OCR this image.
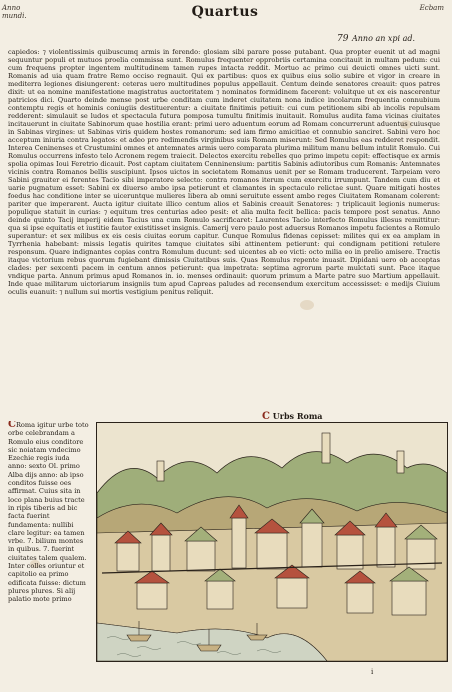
Anno
mundi.	Quartus	Ecbam
79 Anno an xpi ad.

capiedos: ⁊ violentissimis quibuscumq armis in ferendo: glosiam sibi parare posse putabant. Qua propter euenit ut ad magni sequuntur populi et mutuos proelia commissa sunt. Romulus frequenter opprobriis certamina concitauit in multam pedum: cui cum frequens propter ingentem multitudinem tamen rupes intacta reddit. Mortuo ac primo cui deuicti omnes uicti sunt. Romanis ad uia quam fratre Remo occiso regnauit. Qui ex partibus: quos ex quibus eius solio subire et vigor in creare in mediterra legiones disiungerent: ceteras uero multitudines populus appellauit. Centum deinde senatores creauit: quos patres dixit: ut ea nomine manifestatione magistratus auctoritatem ⁊ nominatos formidinem facerent: voluitque ut ex eis nascerentur patricios dici. Quarto deinde mense post urbe conditam cum inderet ciuitatem nona indice incolarum frequentia connubium contemptu regis et hominis coniugiis destituerentur: a ciuitate finitimis petiuit: cui cum petitionem sibi ab incolis repulsam redderent: simulauit se ludos et spectacula futura pomposa tumultu finitimis inuitauit. Romulus audita fama vicinas ciuitates incitauerunt in ciuitate Sabinorum quae hostilia erant: primi uero aduentum eorum ad Romam concurrerunt aduentus cuiusque in Sabinas virgines: ut Sabinas viris quidem hostes romanorum: sed iam firmo amicitiae et connubio sanciret. Sabini vero hoc acceptum iniuria contra legatos: et adeo pro redimendis virginibus suis Romam miserunt: Sed Romulus eas redderet respondit. Interea Ceninenses et Crustumini omnes et antemnates armis uero comparata plurima militum manu bellum intulit Romulo. Cui Romulus occurrens infesto telo Acronem regem traiecit. Delectos exercitu rebelles quo primo impetu cepit: effectisque ex armis spolia opimas Ioui Feretrio dicauit. Post captam ciuitatem Cenninensium: partitis Sabinis adiutoribus cum Romanis: Antemnates vicinis contra Romanos bellis suscipiunt. Ipsos uictos in societatem Romanus uenit per se Romam traducerent. Tarpeiam vero Sabini grauiter ei ferentes Tacio sibi imperatore selecto: contra romanos iterum cum exercitu irrumpunt. Tandem cum diu et uarie pugnatum esset: Sabini ex diuerso ambo ipsa petierunt et clamantes in spectaculo relictae sunt. Quare mitigati hostes foedus hac conditione inter se uiceruntque mulieres libera ab omni seruitute essent ambo reges Ciuitatem Romanam colerent: pariter que imperarent. Aucta igitur ciuitate illico centum alios et Sabinis creauit Senatores: ⁊ triplicauit legionis numerus: populique statuit in curias: ⁊ equitum tres centurias adeo pesit: et alia multa fecit bellica: pacis tempore post senatus. Anno deinde quinto Tacij imperij eidem Tacius una cum Romulo sacrificaret: Laurentes Tacio interfecto Romulus illesus remittitur: qua si ipse equitatis et iustitie fautor existitisset insignis. Camerij vero paulo post aduersus Romanos impetu facientes a Romulo superantur: et sex milibus ex eis cesis ciuitas eorum capitur. Cunque Romulus fidenas cepisset: milites qui ex ea amplam in Tyrrhenia habebant: missis legatis quirites tamque ciuitates sibi attinentem petierunt: qui condignam petitioni retulere responsum. Quare indignantes copias contra Romulum ducunt: sed uicentes ab eo victi: octo milia eo in prelio amisere. Tractis itaque victorium rebus quorum fugiebant dimissis Ciuitatibus suis. Quas Romulus repente inuasit. Dipidani uero ob acceptas clades: per sexcenti pacem in centum annos petierunt: qua impetrata: septima agrorum parte mulctati sunt. Pace itaque vndique parta. Annum primus apud Romanos in. io. menses ordinauit: quorum primum a Marte patre suo Martium appellauit. Inde quae militarum uictoriarum insigniis tum apud Capreas paludes ad recensendum exercitum accessisset: e medijs Ciuium oculis euanuit: ⁊ nullum sui mortis vestigium penitus reliquit.

C Urbs Roma
CRoma igitur urbe toto orbe celebrandam a Romulo eius conditore sic noiatam vndecimo Ezechie regis iuda anno: sexto Ol. primo Alba dijs anno: ab ipso conditos fuisse oes affirmat. Cuius sita in loco plana buius tracte in ripis tiberis ad bic facta fuerint fundamenta: nullibi clare legitur: ea tamen vrbe. 7. bilium montes in quibus. 7. fuerint ciuitates talem qualem. Inter colles oriuntur et capitolio ea primo edificata fuisse: dictum plures plures. Si alij palatio mote primo
i
